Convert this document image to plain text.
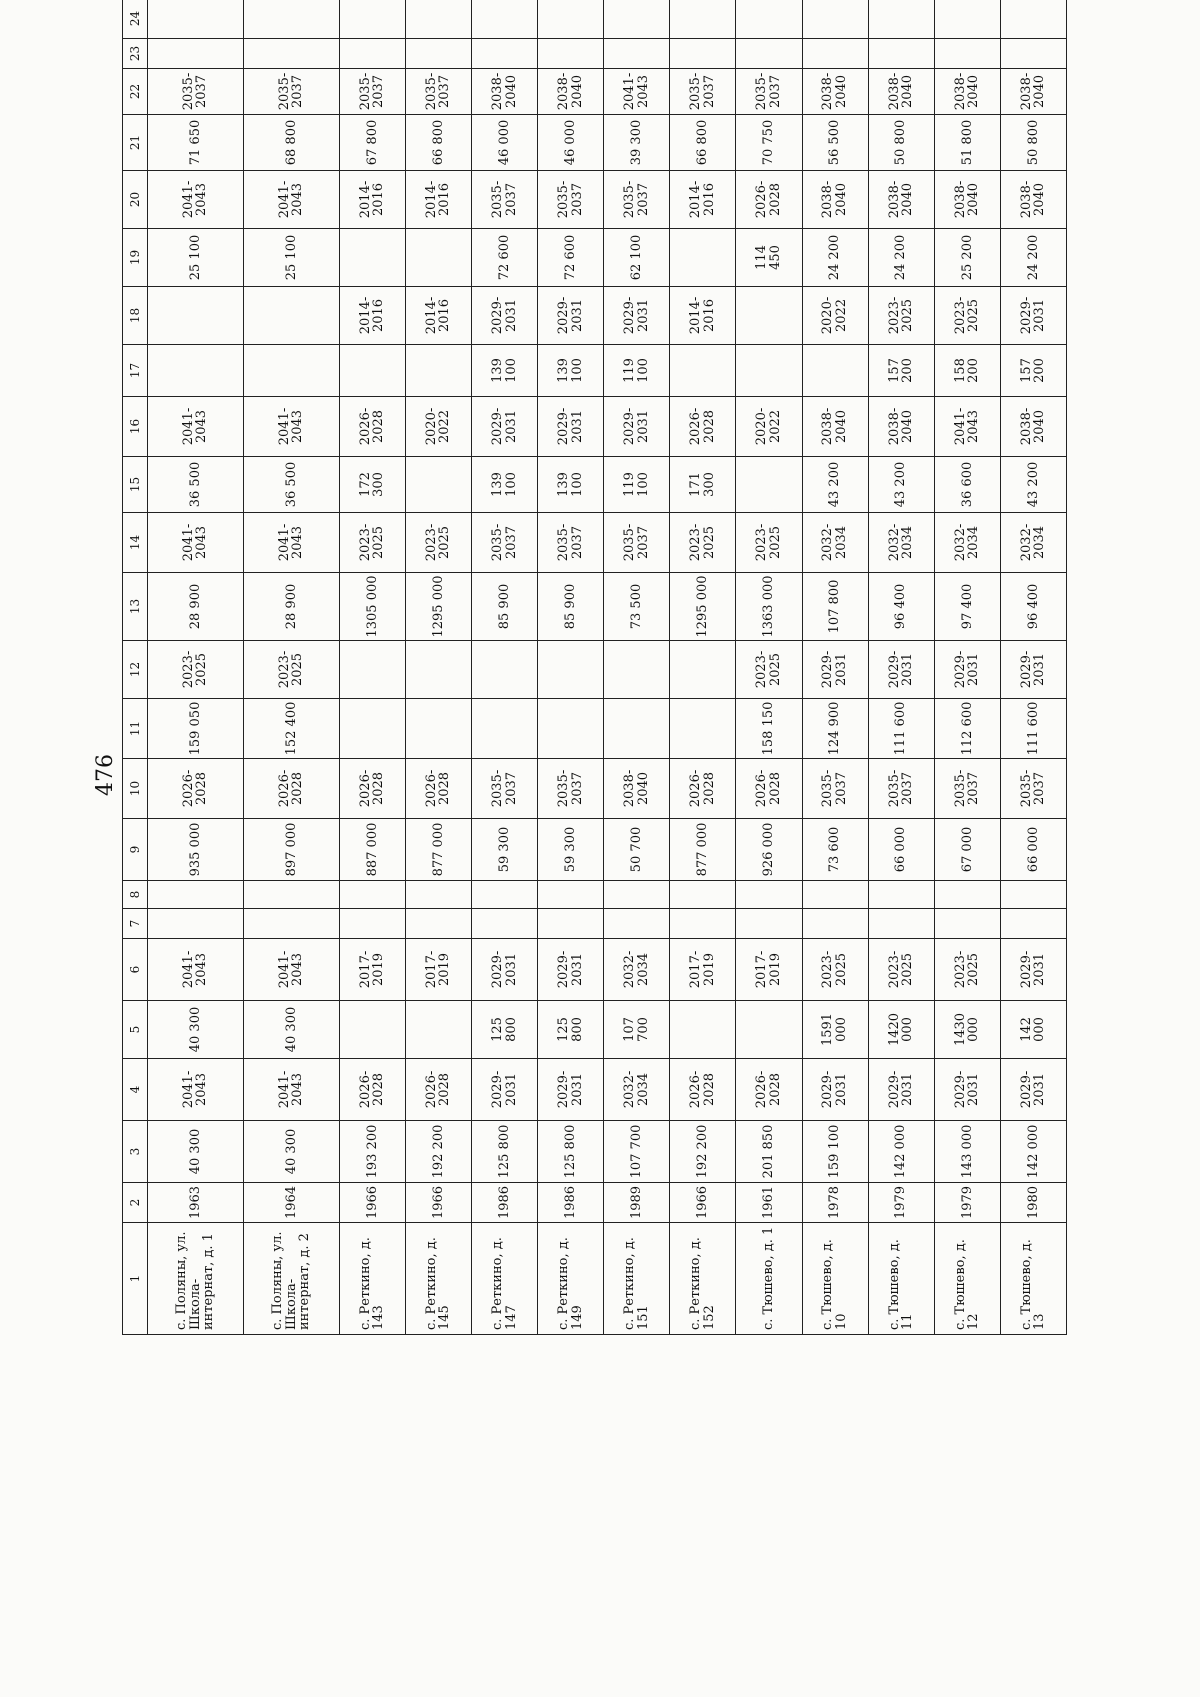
476
1	2	3	4	5	6	7	8	9	10	11	12	13	14	15	16	17	18	19	20	21	22	23	24
с. Поляны, ул. Школа-интернат, д. 1	1963	40 300	2041-2043	40 300	2041-2043			935 000	2026-2028	159 050	2023-2025	28 900	2041-2043	36 500	2041-2043			25 100	2041-2043	71 650	2035-2037		
с. Поляны, ул. Школа-интернат, д. 2	1964	40 300	2041-2043	40 300	2041-2043			897 000	2026-2028	152 400	2023-2025	28 900	2041-2043	36 500	2041-2043			25 100	2041-2043	68 800	2035-2037		
с. Реткино, д. 143	1966	193 200	2026-2028		2017-2019			887 000	2026-2028			1305 000	2023-2025	172 300	2026-2028		2014-2016		2014-2016	67 800	2035-2037		
с. Реткино, д. 145	1966	192 200	2026-2028		2017-2019			877 000	2026-2028			1295 000	2023-2025		2020-2022		2014-2016		2014-2016	66 800	2035-2037		
с. Реткино, д. 147	1986	125 800	2029-2031	125 800	2029-2031			59 300	2035-2037			85 900	2035-2037	139 100	2029-2031	139 100	2029-2031	72 600	2035-2037	46 000	2038-2040		
с. Реткино, д. 149	1986	125 800	2029-2031	125 800	2029-2031			59 300	2035-2037			85 900	2035-2037	139 100	2029-2031	139 100	2029-2031	72 600	2035-2037	46 000	2038-2040		
с. Реткино, д. 151	1989	107 700	2032-2034	107 700	2032-2034			50 700	2038-2040			73 500	2035-2037	119 100	2029-2031	119 100	2029-2031	62 100	2035-2037	39 300	2041-2043		
с. Реткино, д. 152	1966	192 200	2026-2028		2017-2019			877 000	2026-2028			1295 000	2023-2025	171 300	2026-2028		2014-2016		2014-2016	66 800	2035-2037		
с. Тюшево, д. 1	1961	201 850	2026-2028		2017-2019			926 000	2026-2028	158 150	2023-2025	1363 000	2023-2025		2020-2022			114 450	2026-2028	70 750	2035-2037		
с. Тюшево, д. 10	1978	159 100	2029-2031	1591 000	2023-2025			73 600	2035-2037	124 900	2029-2031	107 800	2032-2034	43 200	2038-2040		2020-2022	24 200	2038-2040	56 500	2038-2040		
с. Тюшево, д. 11	1979	142 000	2029-2031	1420 000	2023-2025			66 000	2035-2037	111 600	2029-2031	96 400	2032-2034	43 200	2038-2040	157 200	2023-2025	24 200	2038-2040	50 800	2038-2040		
с. Тюшево, д. 12	1979	143 000	2029-2031	1430 000	2023-2025			67 000	2035-2037	112 600	2029-2031	97 400	2032-2034	36 600	2041-2043	158 200	2023-2025	25 200	2038-2040	51 800	2038-2040		
с. Тюшево, д. 13	1980	142 000	2029-2031	142 000	2029-2031			66 000	2035-2037	111 600	2029-2031	96 400	2032-2034	43 200	2038-2040	157 200	2029-2031	24 200	2038-2040	50 800	2038-2040		
